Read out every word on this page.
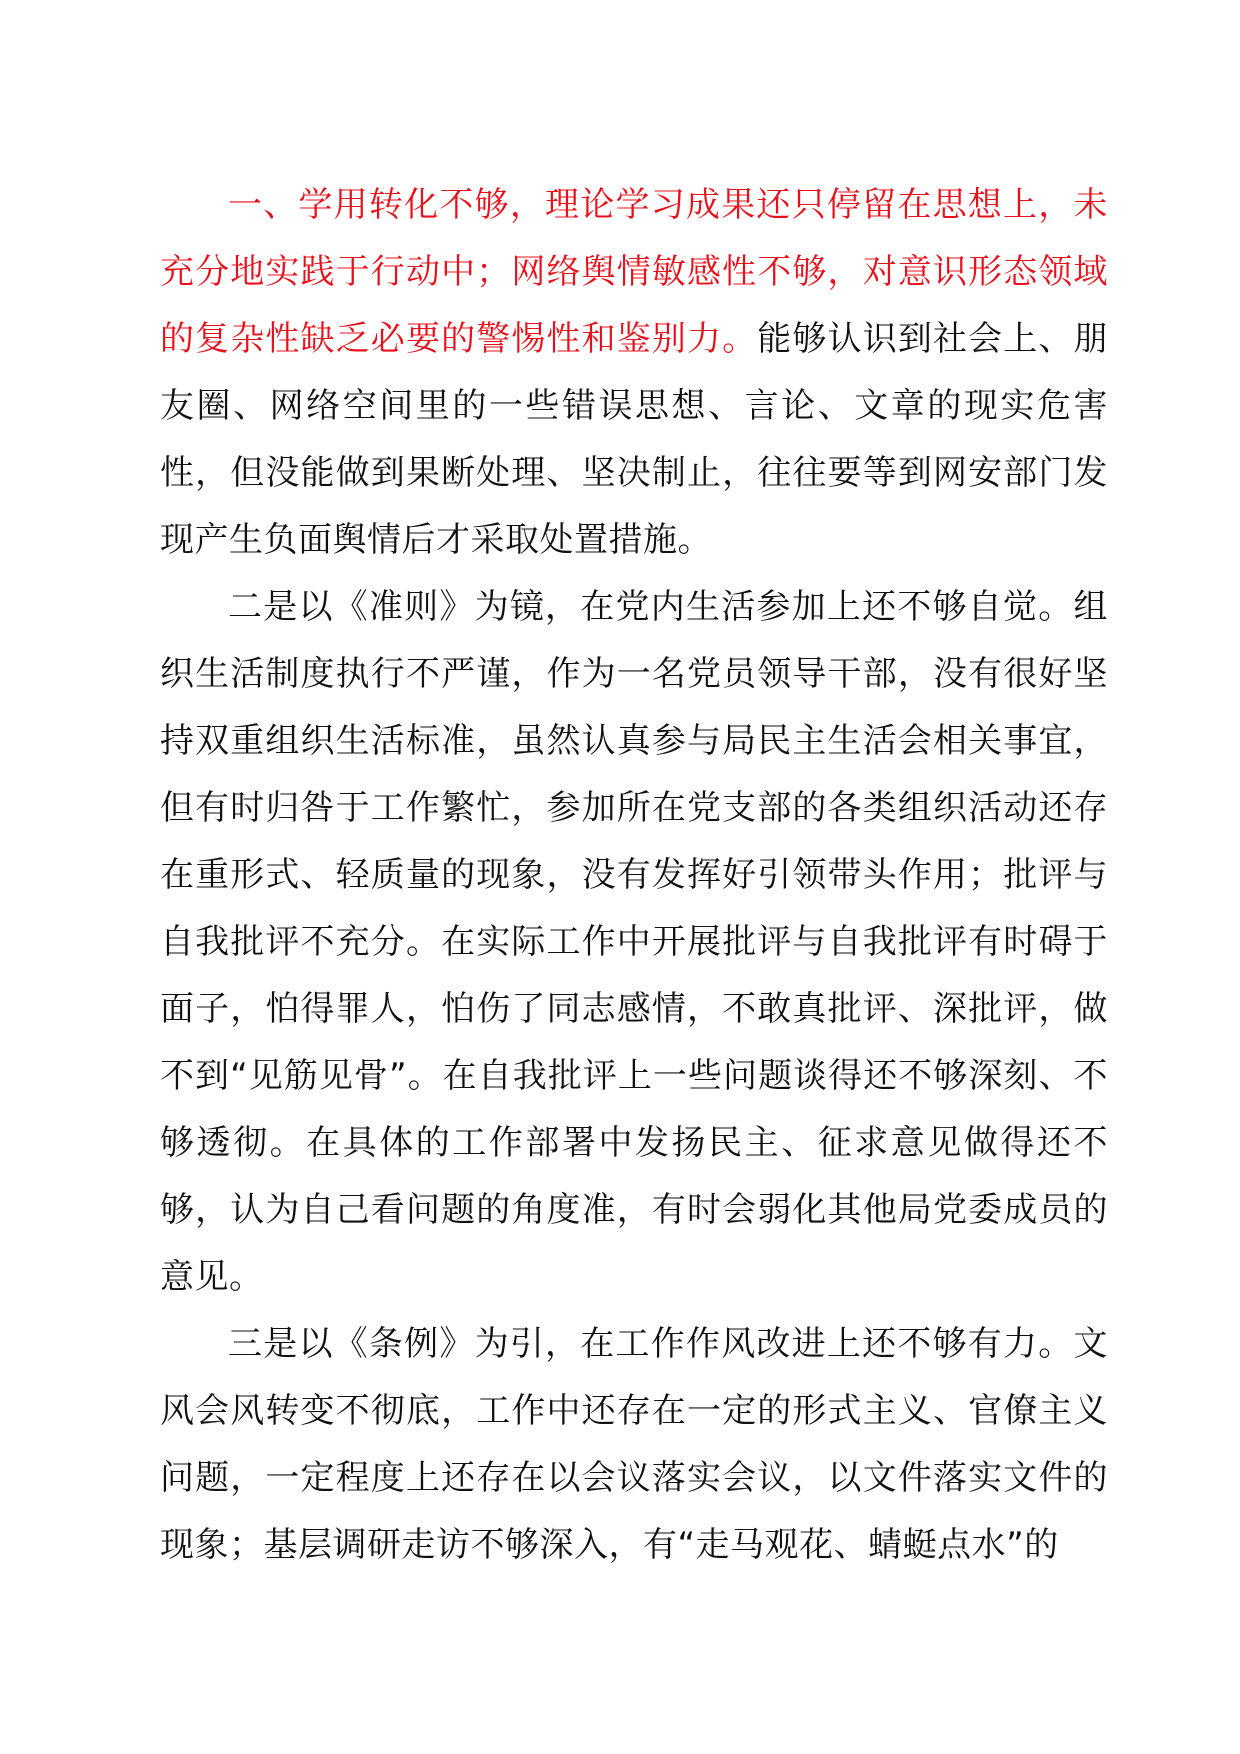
一、学用转化不够，理论学习成果还只停留在思想上，未充分地实践于行动中；网络舆情敏感性不够，对意识形态领域的复杂性缺乏必要的警惕性和鉴别力。能够认识到社会上、朋友圈、网络空间里的一些错误思想、言论、文章的现实危害性，但没能做到果断处理、坚决制止，往往要等到网安部门发现产生负面舆情后才采取处置措施。

二是以《准则》为镜，在党内生活参加上还不够自觉。组织生活制度执行不严谨，作为一名党员领导干部，没有很好坚持双重组织生活标准，虽然认真参与局民主生活会相关事宜，但有时归咎于工作繁忙，参加所在党支部的各类组织活动还存在重形式、轻质量的现象，没有发挥好引领带头作用；批评与自我批评不充分。在实际工作中开展批评与自我批评有时碍于面子，怕得罪人，怕伤了同志感情，不敢真批评、深批评，做不到“见筋见骨”。在自我批评上一些问题谈得还不够深刻、不够透彻。在具体的工作部署中发扬民主、征求意见做得还不够，认为自己看问题的角度准，有时会弱化其他局党委成员的意见。

三是以《条例》为引，在工作作风改进上还不够有力。文风会风转变不彻底，工作中还存在一定的形式主义、官僚主义问题，一定程度上还存在以会议落实会议，以文件落实文件的现象；基层调研走访不够深入，有“走马观花、蜻蜓点水”的
